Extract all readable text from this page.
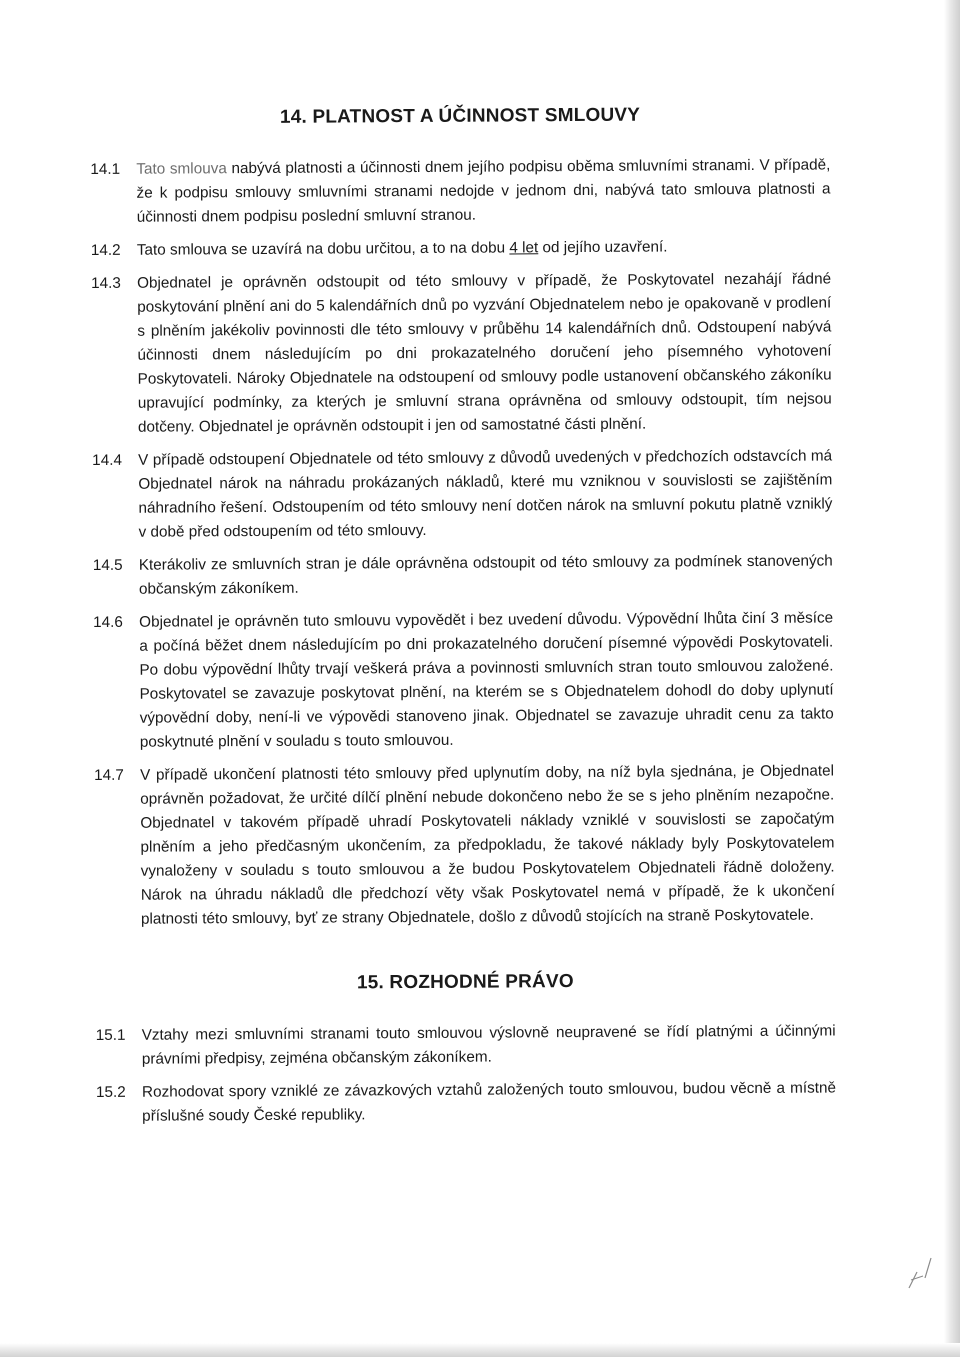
14. PLATNOST A ÚČINNOST SMLOUVY
14.1	Tato smlouva nabývá platnosti a účinnosti dnem jejího podpisu oběma smluvními stranami. V případě, že k podpisu smlouvy smluvními stranami nedojde v jednom dni, nabývá tato smlouva platnosti a účinnosti dnem podpisu poslední smluvní stranou.
14.2	Tato smlouva se uzavírá na dobu určitou, a to na dobu 4 let od jejího uzavření.
14.3	Objednatel je oprávněn odstoupit od této smlouvy v případě, že Poskytovatel nezahájí řádné poskytování plnění ani do 5 kalendářních dnů po vyzvání Objednatelem nebo je opakovaně v prodlení s plněním jakékoliv povinnosti dle této smlouvy v průběhu 14 kalendářních dnů. Odstoupení nabývá účinnosti dnem následujícím po dni prokazatelného doručení jeho písemného vyhotovení Poskytovateli. Nároky Objednatele na odstoupení od smlouvy podle ustanovení občanského zákoníku upravující podmínky, za kterých je smluvní strana oprávněna od smlouvy odstoupit, tím nejsou dotčeny. Objednatel je oprávněn odstoupit i jen od samostatné části plnění.
14.4	V případě odstoupení Objednatele od této smlouvy z důvodů uvedených v předchozích odstavcích má Objednatel nárok na náhradu prokázaných nákladů, které mu vzniknou v souvislosti se zajištěním náhradního řešení. Odstoupením od této smlouvy není dotčen nárok na smluvní pokutu platně vzniklý v době před odstoupením od této smlouvy.
14.5	Kterákoliv ze smluvních stran je dále oprávněna odstoupit od této smlouvy za podmínek stanovených občanským zákoníkem.
14.6	Objednatel je oprávněn tuto smlouvu vypovědět i bez uvedení důvodu. Výpovědní lhůta činí 3 měsíce a počíná běžet dnem následujícím po dni prokazatelného doručení písemné výpovědi Poskytovateli. Po dobu výpovědní lhůty trvají veškerá práva a povinnosti smluvních stran touto smlouvou založené. Poskytovatel se zavazuje poskytovat plnění, na kterém se s Objednatelem dohodl do doby uplynutí výpovědní doby, není-li ve výpovědi stanoveno jinak. Objednatel se zavazuje uhradit cenu za takto poskytnuté plnění v souladu s touto smlouvou.
14.7	V případě ukončení platnosti této smlouvy před uplynutím doby, na níž byla sjednána, je Objednatel oprávněn požadovat, že určité dílčí plnění nebude dokončeno nebo že se s jeho plněním nezapočne. Objednatel v takovém případě uhradí Poskytovateli náklady vzniklé v souvislosti se započatým plněním a jeho předčasným ukončením, za předpokladu, že takové náklady byly Poskytovatelem vynaloženy v souladu s touto smlouvou a že budou Poskytovatelem Objednateli řádně doloženy. Nárok na úhradu nákladů dle předchozí věty však Poskytovatel nemá v případě, že k ukončení platnosti této smlouvy, byť ze strany Objednatele, došlo z důvodů stojících na straně Poskytovatele.
15. ROZHODNÉ PRÁVO
15.1	Vztahy mezi smluvními stranami touto smlouvou výslovně neupravené se řídí platnými a účinnými právními předpisy, zejména občanským zákoníkem.
15.2	Rozhodovat spory vzniklé ze závazkových vztahů založených touto smlouvou, budou věcně a místně příslušné soudy České republiky.
